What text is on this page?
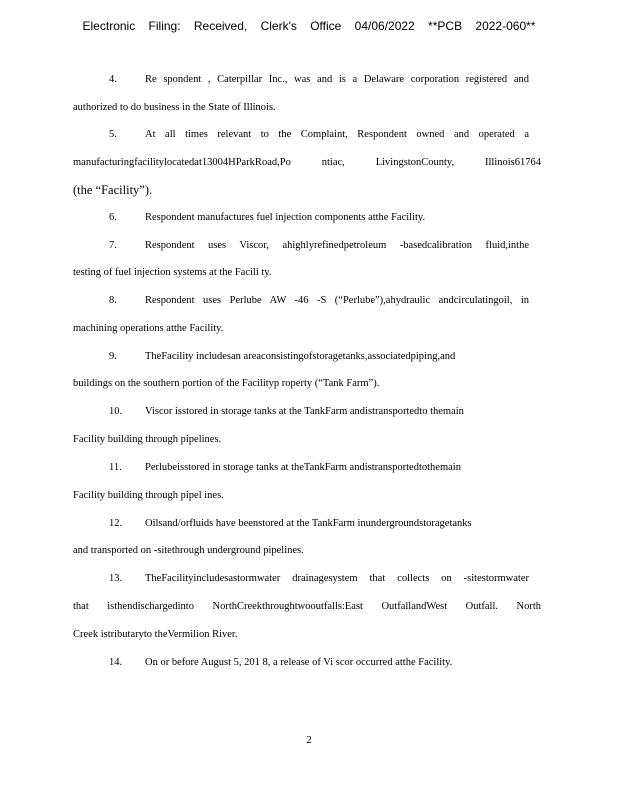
Electronic Filing: Received, Clerk's Office 04/06/2022 **PCB 2022-060**
4.	Re spondent , Caterpillar Inc., was and is a Delaware corporation registered and
authorized to do business in the State of Illinois.
5.	At all times relevant to the Complaint, Respondent owned and operated a
manufacturingfacilitylocatedat13004HParkRoad,Po ntiac, LivingstonCounty, Illinois61764
(the “Facility”).
6.	Respondent manufactures fuel injection components atthe Facility.
7.	Respondent uses Viscor, ahighlyrefinedpetroleum -basedcalibration fluid,inthe
testing of fuel injection systems at the Facili ty.
8.	Respondent uses Perlube AW -46 -S (“Perlube”),ahydraulic andcirculatingoil, in
machining operations atthe Facility.
9.	TheFacility includesan areaconsistingofstoragetanks,associatedpiping,and
buildings on the southern portion of the Facilityp roperty (“Tank Farm”).
10. Viscor isstored in storage tanks at the TankFarm andistransportedto themain
Facility building through pipelines.
11. Perlubeisstored in storage tanks at theTankFarm andistransportedtothemain
Facility building through pipel ines.
12. Oilsand/orfluids have beenstored at the TankFarm inundergroundstoragetanks
and transported on -sitethrough underground pipelines.
13. TheFacilityincludesastormwater drainagesystem that collects on -sitestormwater
that isthendischargedinto NorthCreekthroughtwooutfalls:East OutfallandWest Outfall. North
Creek istributaryto theVermilion River.
14. On or before August 5, 201 8, a release of Vi scor occurred atthe Facility.
2
